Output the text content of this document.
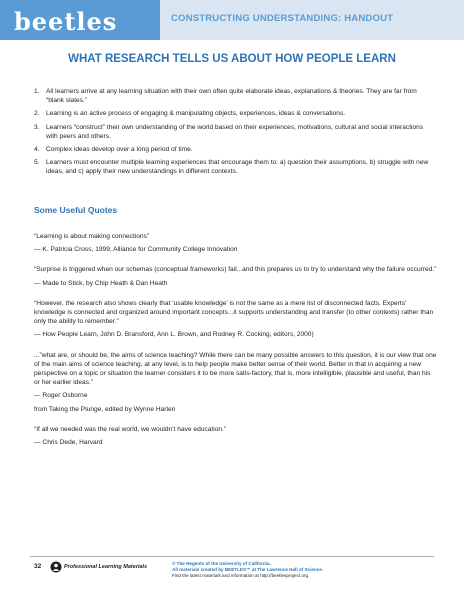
beetles	CONSTRUCTING UNDERSTANDING: HANDOUT
WHAT RESEARCH TELLS US ABOUT HOW PEOPLE LEARN
1. All learners arrive at any learning situation with their own often quite elaborate ideas, explanations & theories. They are far from “blank slates.”
2. Learning is an active process of engaging & manipulating objects, experiences, ideas & conversations.
3. Learners “construct” their own understanding of the world based on their experiences, motivations, cultural and social interactions with peers and others.
4. Complex ideas develop over a long period of time.
5. Learners must encounter multiple learning experiences that encourage them to: a) question their assumptions, b) struggle with new ideas, and c) apply their new understandings in different contexts.
Some Useful Quotes

“Learning is about making connections”

— K. Patricia Cross, 1999, Alliance for Community College Innovation

“Surprise is triggered when our schemas (conceptual frameworks) fail...and this prepares us to try to understand why the failure occurred.”

— Made to Stick, by Chip Heath & Dan Heath

“However, the research also shows clearly that ‘usable knowledge’ is not the same as a mere list of disconnected facts. Experts’ knowledge is connected and organized around important concepts...it supports understanding and transfer (to other contexts) rather than only the ability to remember.”

— How People Learn, John D. Bransford, Ann L. Brown, and Rodney R. Cocking, editors, 2000)

...”what are, or should be, the aims of science teaching? While there can be many possible answers to this question, it is our view that one of the main aims of science teaching, at any level, is to help people make better sense of their world. Better in that in acquiring a new perspective on a topic or situation the learner considers it to be more satis-factory, that is, more intelligible, plausible and useful, than his or her earlier ideas.”

— Roger Osborne

from Taking the Plunge, edited by Wynne Harlen

“If all we needed was the real world, we wouldn’t have education.”

— Chris Dede, Harvard

32	Professional Learning Materials
© The Regents of the University of California.
All materials created by BEETLES™ at The Lawrence Hall of Science.
Find the latest materials and information at http://beetlesproject.org.
